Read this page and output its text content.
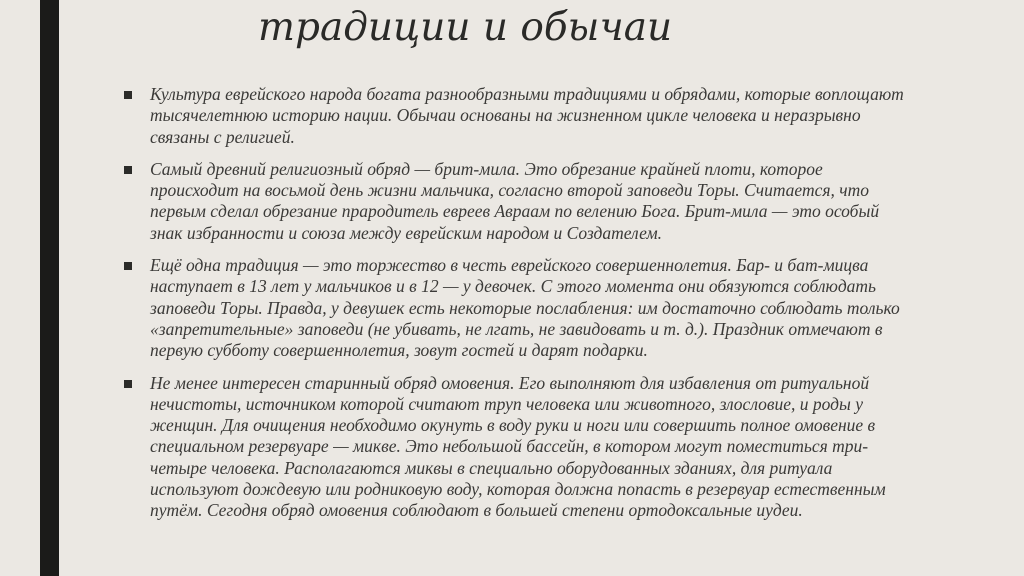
традиции и обычаи
Культура еврейского народа богата разнообразными традициями и обрядами, которые воплощают тысячелетнюю историю нации. Обычаи основаны на жизненном цикле человека и неразрывно связаны с религией.
Самый древний религиозный обряд — брит-мила. Это обрезание крайней плоти, которое происходит на восьмой день жизни мальчика, согласно второй заповеди Торы. Считается, что первым сделал обрезание прародитель евреев Авраам по велению Бога. Брит-мила — это особый знак избранности и союза между еврейским народом и Создателем.
Ещё одна традиция — это торжество в честь еврейского совершеннолетия. Бар- и бат-мицва наступает в 13 лет у мальчиков и в 12 — у девочек. С этого момента они обязуются соблюдать заповеди Торы. Правда, у девушек есть некоторые послабления: им достаточно соблюдать только «запретительные» заповеди (не убивать, не лгать, не завидовать и т. д.). Праздник отмечают в первую субботу совершеннолетия, зовут гостей и дарят подарки.
Не менее интересен старинный обряд омовения. Его выполняют для избавления от ритуальной нечистоты, источником которой считают труп человека или животного, злословие, и роды у женщин. Для очищения необходимо окунуть в воду руки и ноги или совершить полное омовение в специальном резервуаре — микве. Это небольшой бассейн, в котором могут поместиться три-четыре человека. Располагаются миквы в специально оборудованных зданиях, для ритуала используют дождевую или родниковую воду, которая должна попасть в резервуар естественным путём. Сегодня обряд омовения соблюдают в большей степени ортодоксальные иудеи.
